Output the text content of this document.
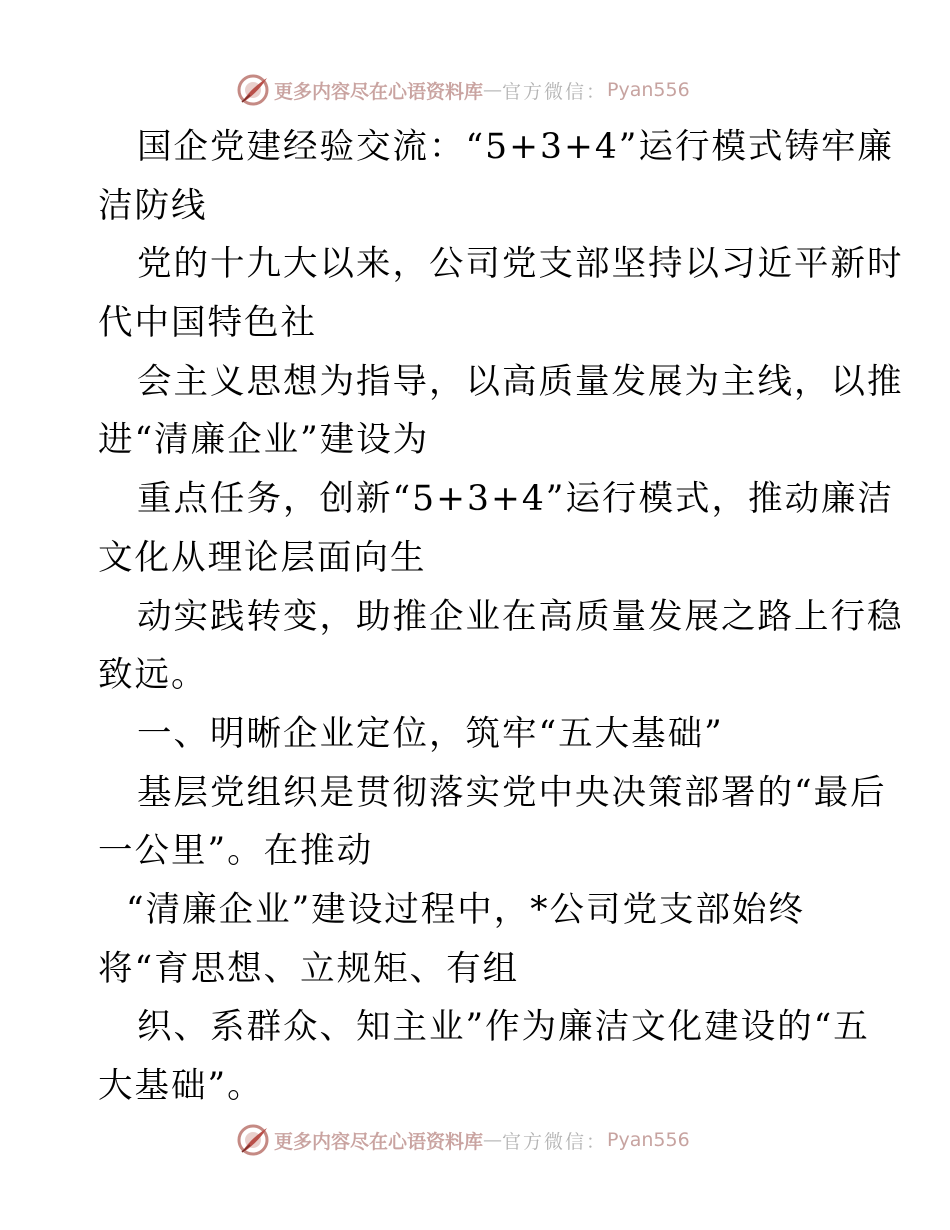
更多内容尽在心语资料库 — 官方微信： Pyan556
国企党建经验交流：“5+3+4”运行模式铸牢廉
洁防线
党的十九大以来，公司党支部坚持以习近平新时
代中国特色社
会主义思想为指导，以高质量发展为主线，以推
进“清廉企业”建设为
重点任务，创新“5+3+4”运行模式，推动廉洁
文化从理论层面向生
动实践转变，助推企业在高质量发展之路上行稳
致远。
一、明晰企业定位，筑牢“五大基础”
基层党组织是贯彻落实党中央决策部署的“最后
一公里”。在推动
“清廉企业”建设过程中，*公司党支部始终
将“育思想、立规矩、有组
织、系群众、知主业”作为廉洁文化建设的“五
大基础”。
更多内容尽在心语资料库 — 官方微信： Pyan556
